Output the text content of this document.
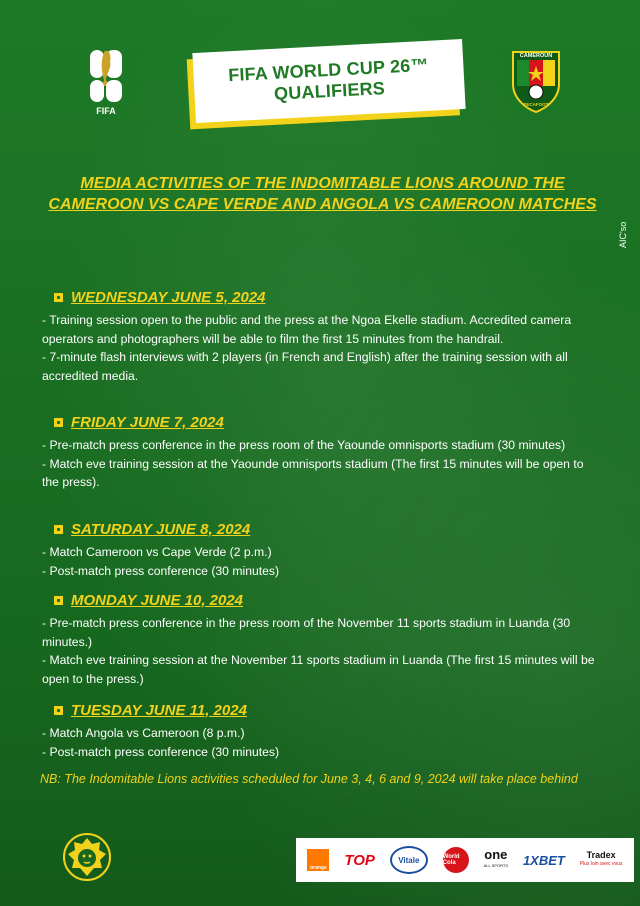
FIFA
FIFA WORLD CUP 26™
QUALIFIERS
CAMEROUN
FECAFOOT
MEDIA ACTIVITIES OF THE INDOMITABLE LIONS AROUND THE CAMEROON VS CAPE VERDE AND ANGOLA VS CAMEROON MATCHES
AIC'so
WEDNESDAY JUNE 5, 2024

- Training session open to the public and the press at the Ngoa Ekelle stadium. Accredited camera operators and photographers will be able to film the first 15 minutes from the handrail.

- 7-minute flash interviews with 2 players (in French and English) after the training session with all accredited media.

FRIDAY JUNE 7, 2024

- Pre-match press conference in the press room of the Yaounde omnisports stadium (30 minutes)

- Match eve training session at the Yaounde omnisports stadium (The first 15 minutes will be open to the press).

SATURDAY JUNE 8, 2024

- Match Cameroon vs Cape Verde (2 p.m.)

- Post-match press conference (30 minutes)

MONDAY JUNE 10, 2024

- Pre-match press conference in the press room of the November 11 sports stadium in Luanda (30 minutes.)

- Match eve training session at the November 11 sports stadium in Luanda (The first 15 minutes will be open to the press.)

TUESDAY JUNE 11, 2024

- Match Angola vs Cameroon (8 p.m.)

- Post-match press conference (30 minutes)

NB: The Indomitable Lions activities scheduled for June 3, 4, 6 and 9, 2024 will take place behind
orange TOP	Vitale	World Cola
one
ALL SPORTS 1XBET Tradex
Plus loin avec vous
